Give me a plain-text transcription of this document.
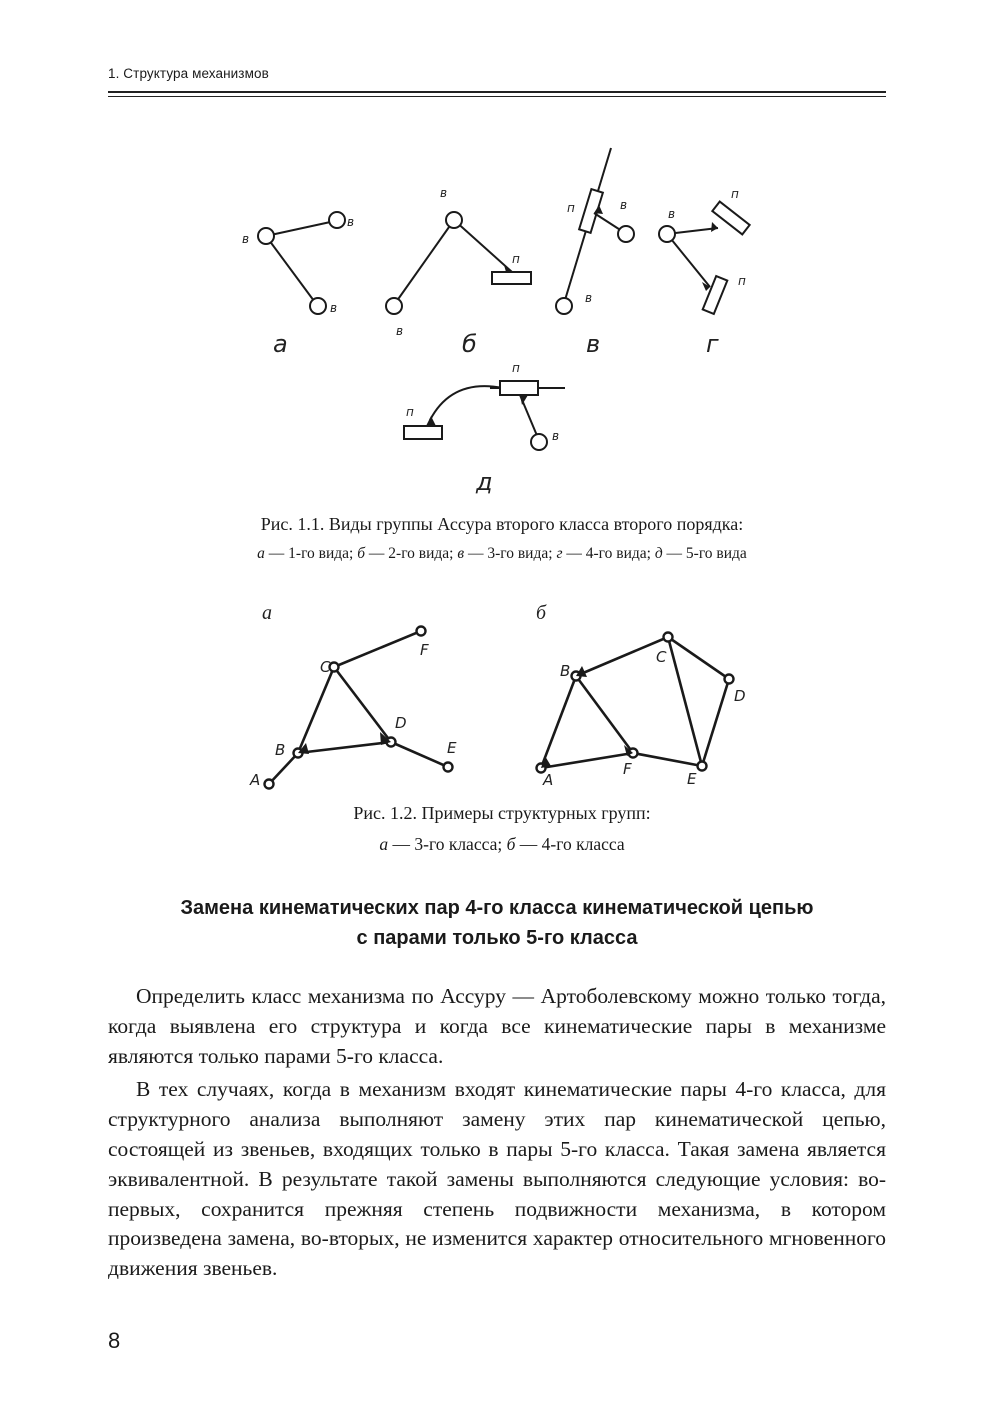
1. Структура механизмов
в
в
в
в
в
в
в
в
в
п
п
п
п
п
п
а	б	в	г
д
Рис. 1.1. Виды группы Ассура второго класса второго порядка:
а — 1-го вида; б — 2-го вида; в — 3-го вида; г — 4-го вида; д — 5-го вида
а	б
C
F
D
B	E
A
B
C
D
A
F
E
Рис. 1.2. Примеры структурных групп:
а — 3-го класса; б — 4-го класса
Замена кинематических пар 4-го класса кинематической цепью
с парами только 5-го класса

Определить класс механизма по Ассуру — Артоболевскому можно только тогда, когда выявлена его структура и когда все кинематические пары в механизме являются только парами 5-го класса.

В тех случаях, когда в механизм входят кинематические пары 4-го класса, для структурного анализа выполняют замену этих пар кинематической цепью, состоящей из звеньев, входящих только в пары 5-го класса. Такая замена является эквивалентной. В результате такой замены выполняются следующие условия: во-первых, сохранится прежняя степень подвижности механизма, в котором произведена замена, во-вторых, не изменится характер относительного мгновенного движения звеньев.

8
